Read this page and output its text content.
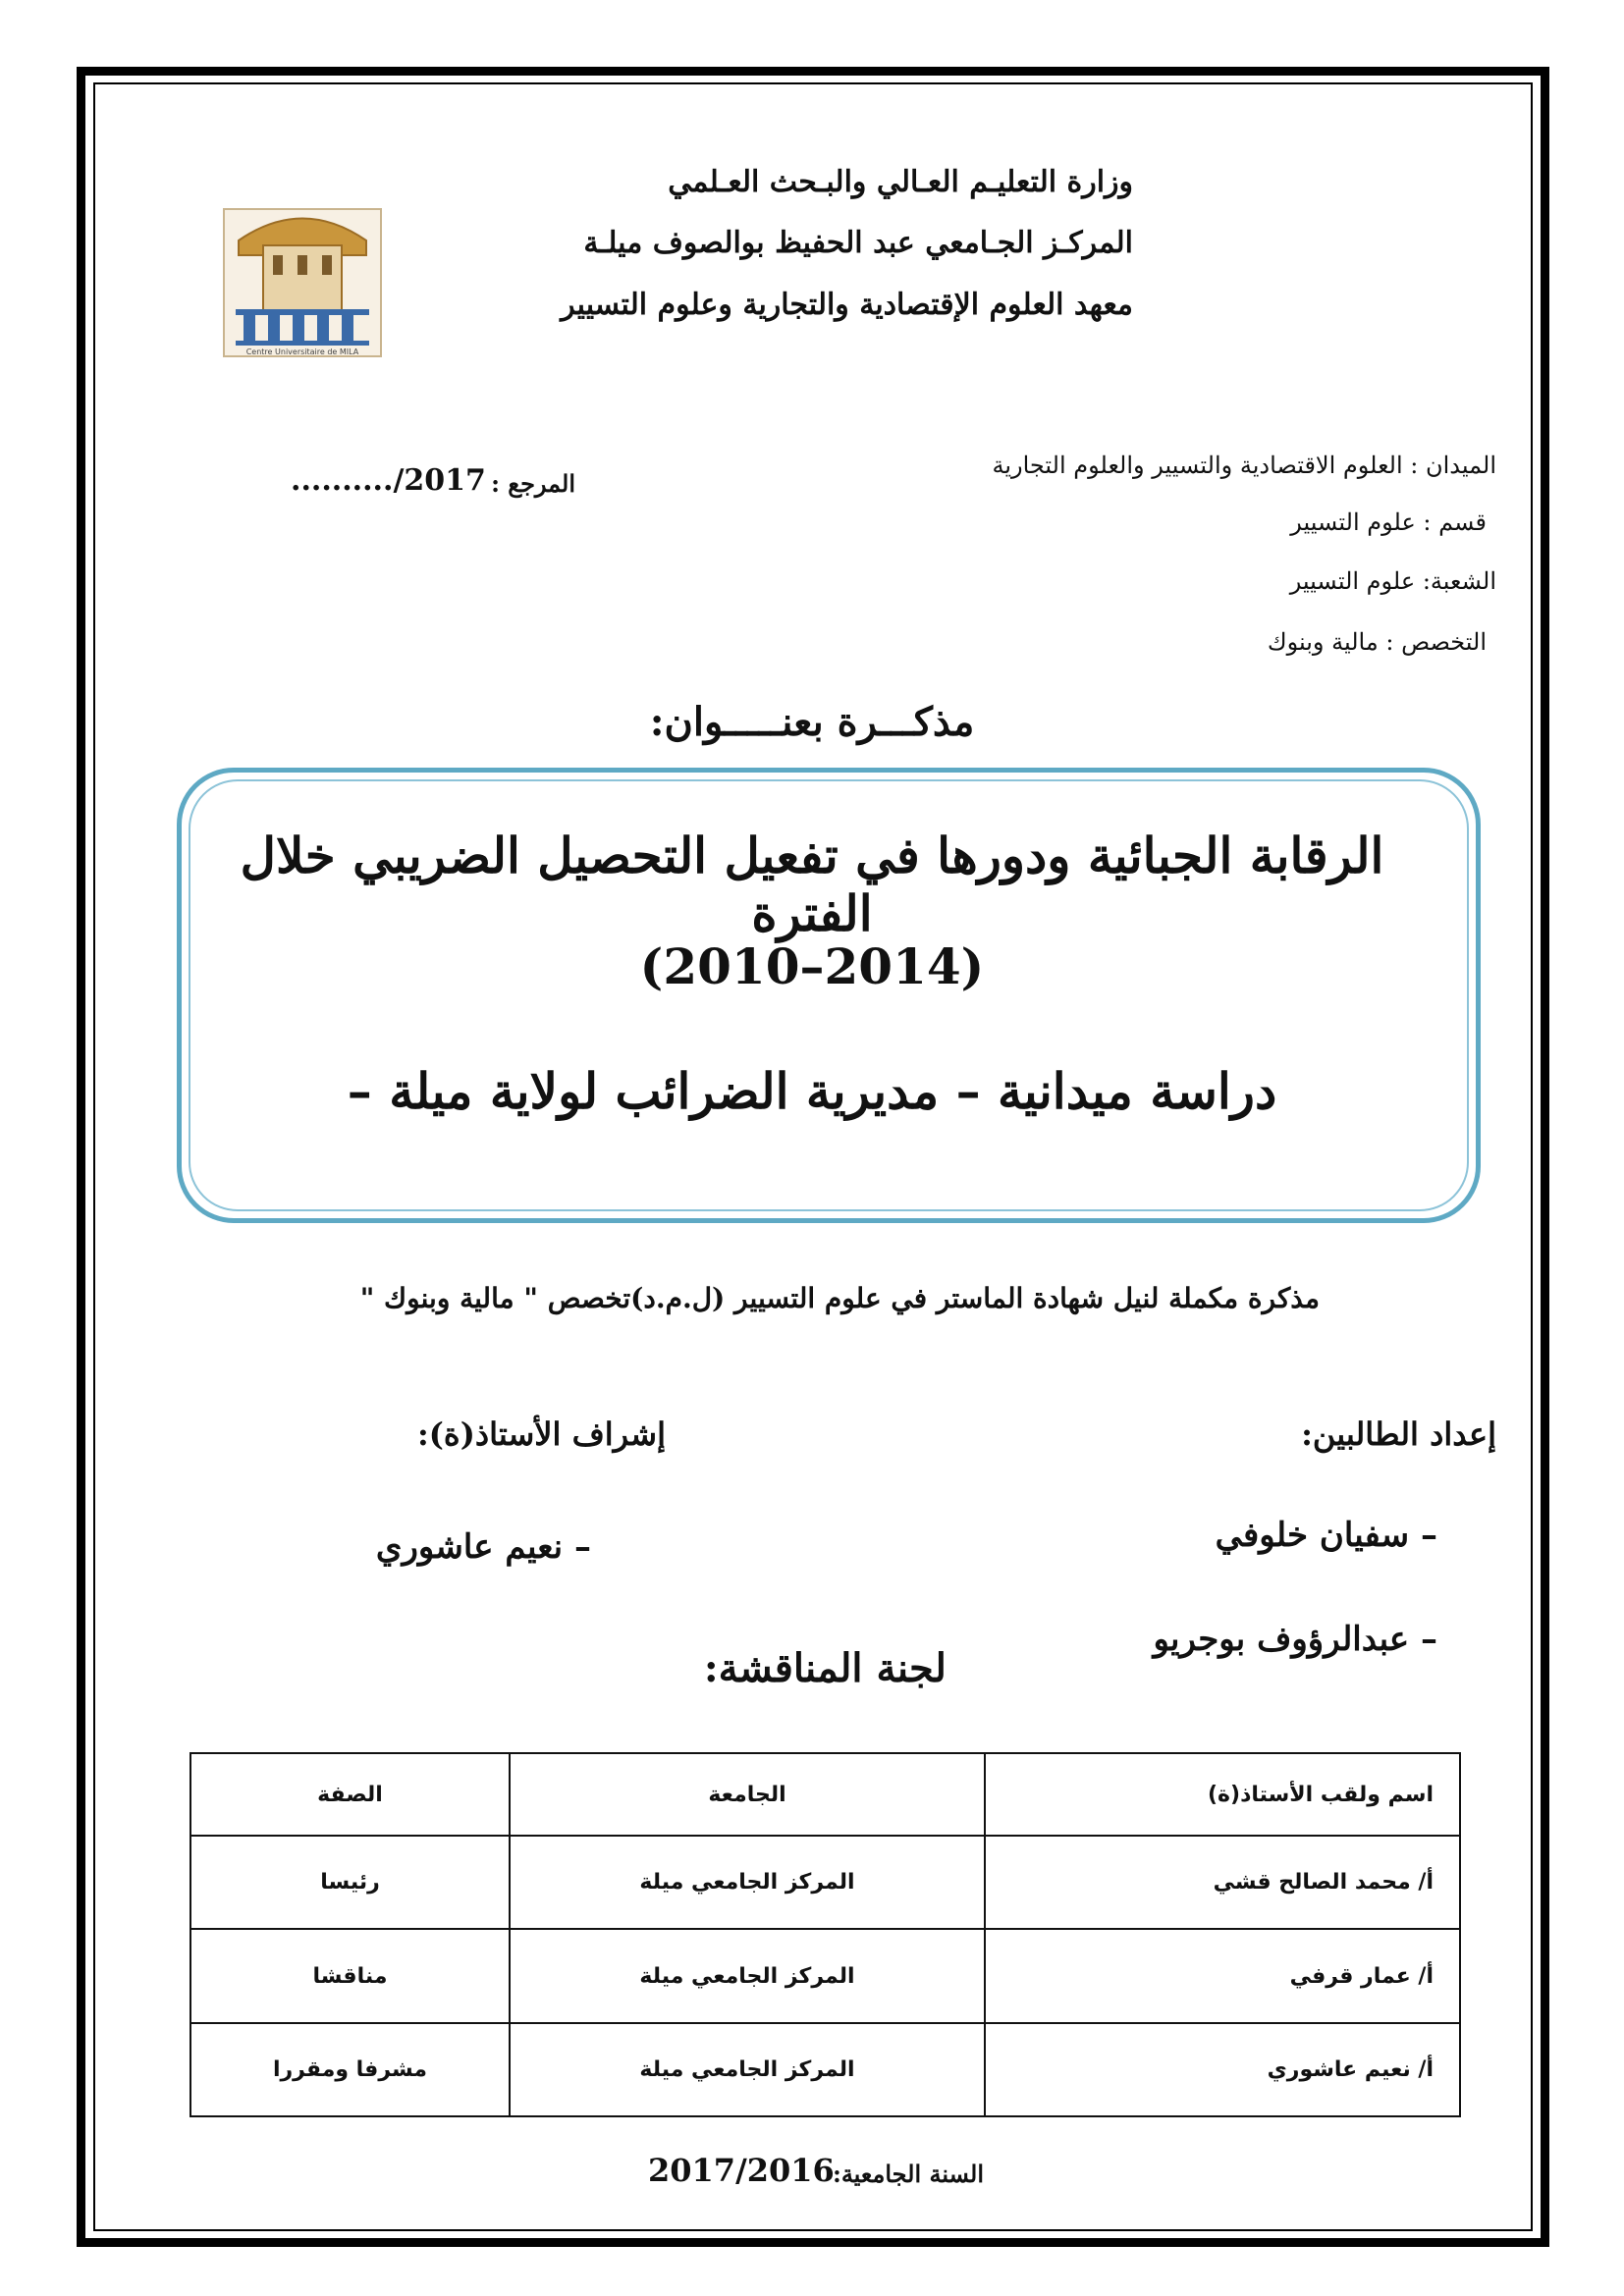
Centre Universitaire de MILA
وزارة التعليـم العـالي والبـحث العـلمي
المركـز الجـامعي عبد الحفيظ بوالصوف ميلـة
معهد العلوم الإقتصادية والتجارية وعلوم التسيير
الميدان : العلوم الاقتصادية والتسيير والعلوم التجارية
قسم : علوم التسيير
الشعبة: علوم التسيير
التخصص : مالية وبنوك
المرجع :
........../2017
مذكـــرة بعنـــــوان:
الرقابة الجبائية ودورها في تفعيل التحصيل الضريبي خلال الفترة
(2010–2014)
دراسة ميدانية – مديرية الضرائب لولاية ميلة –
مذكرة مكملة لنيل شهادة الماستر في علوم التسيير (ل.م.د)تخصص " مالية وبنوك "
إعداد الطالبين:
إشراف الأستاذ(ة):
– سفيان خلوفي
– عبدالرؤوف بوجريو
– نعيم عاشوري
لجنة المناقشة:
اسم ولقب الأستاذ(ة)	الجامعة	الصفة
أ/ محمد الصالح قشي	المركز الجامعي ميلة	رئيسا
أ/ عمار قرفي	المركز الجامعي ميلة	مناقشا
أ/ نعيم عاشوري	المركز الجامعي ميلة	مشرفا ومقررا
السنة الجامعية:
2017/2016
